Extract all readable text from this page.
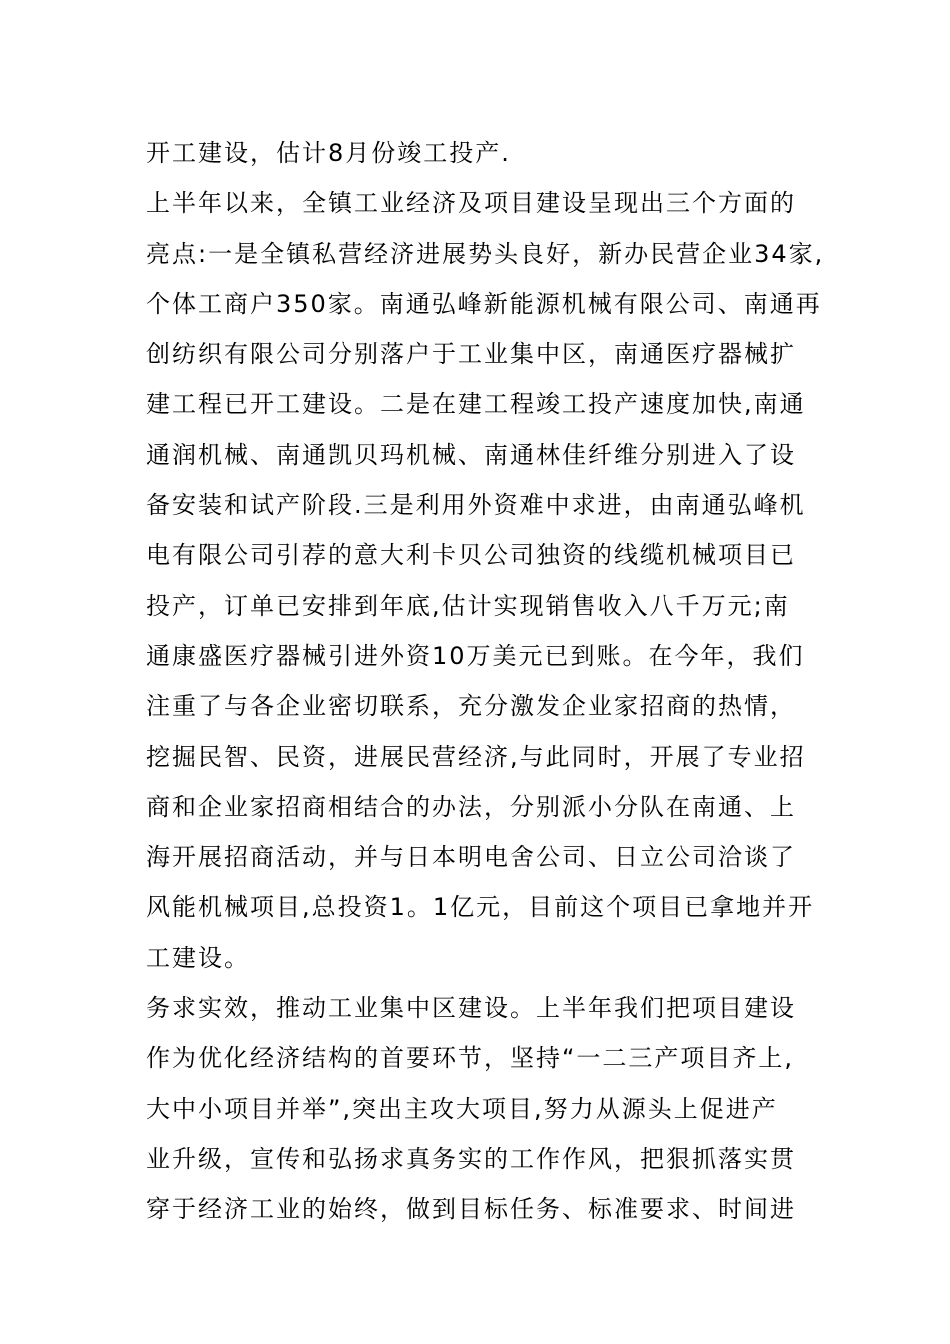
开工建设，估计8月份竣工投产.
上半年以来，全镇工业经济及项目建设呈现出三个方面的
亮点:一是全镇私营经济进展势头良好，新办民营企业34家,
个体工商户350家。南通弘峰新能源机械有限公司、南通再
创纺织有限公司分别落户于工业集中区，南通医疗器械扩
建工程已开工建设。二是在建工程竣工投产速度加快,南通
通润机械、南通凯贝玛机械、南通林佳纤维分别进入了设
备安装和试产阶段.三是利用外资难中求进，由南通弘峰机
电有限公司引荐的意大利卡贝公司独资的线缆机械项目已
投产，订单已安排到年底,估计实现销售收入八千万元;南
通康盛医疗器械引进外资10万美元已到账。在今年，我们
注重了与各企业密切联系，充分激发企业家招商的热情，
挖掘民智、民资，进展民营经济,与此同时，开展了专业招
商和企业家招商相结合的办法，分别派小分队在南通、上
海开展招商活动，并与日本明电舍公司、日立公司洽谈了
风能机械项目,总投资1。1亿元，目前这个项目已拿地并开
工建设。
务求实效，推动工业集中区建设。上半年我们把项目建设
作为优化经济结构的首要环节，坚持“一二三产项目齐上,
大中小项目并举”,突出主攻大项目,努力从源头上促进产
业升级，宣传和弘扬求真务实的工作作风，把狠抓落实贯
穿于经济工业的始终，做到目标任务、标准要求、时间进
